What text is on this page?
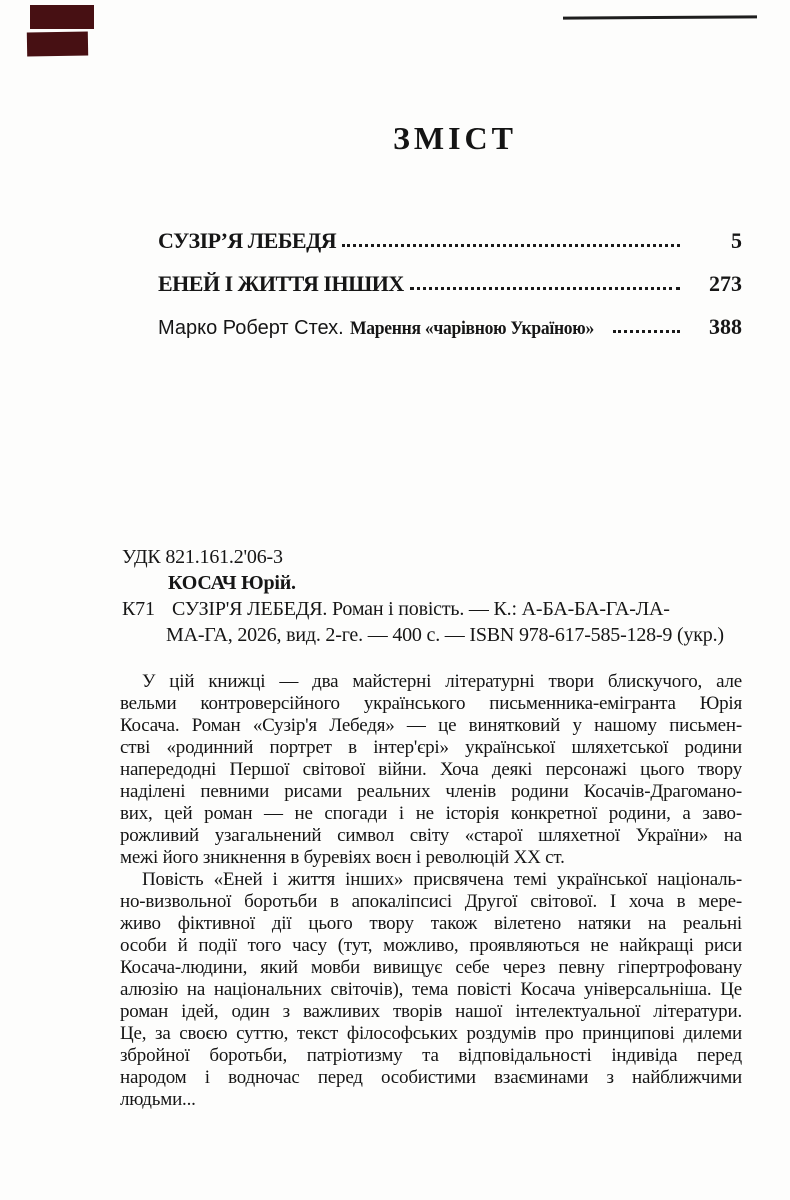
ЗМІСТ
СУЗІР’Я ЛЕБЕДЯ	5
ЕНЕЙ І ЖИТТЯ ІНШИХ	273
Марко Роберт Стех. Марення «чарівною Україною»	388
УДК 821.161.2'06-3
КОСАЧ Юрій.
К71 СУЗІР'Я ЛЕБЕДЯ. Роман і повість. — К.: А-БА-БА-ГА-ЛА-
МА-ГА, 2026, вид. 2-ге. — 400 с. — ISBN 978-617-585-128-9 (укр.)
У цій книжці — два майстерні літературні твори блискучого, але
вельми контроверсійного українського письменника-емігранта Юрія
Косача. Роман «Сузір'я Лебедя» — це винятковий у нашому письмен-
стві «родинний портрет в інтер'єрі» української шляхетської родини
напередодні Першої світової війни. Хоча деякі персонажі цього твору
наділені певними рисами реальних членів родини Косачів-Драгомано-
вих, цей роман — не спогади і не історія конкретної родини, а заво-
рожливий узагальнений символ світу «старої шляхетної України» на
межі його зникнення в буревіях воєн і революцій ХХ ст.
Повість «Еней і життя інших» присвячена темі української національ-
но-визвольної боротьби в апокаліпсисі Другої світової. І хоча в мере-
живо фіктивної дії цього твору також вілетено натяки на реальні
особи й події того часу (тут, можливо, проявляються не найкращі риси
Косача-людини, який мовби вивищує себе через певну гіпертрофовану
алюзію на національних світочів), тема повісті Косача універсальніша. Це
роман ідей, один з важливих творів нашої інтелектуальної літератури.
Це, за своєю суттю, текст філософських роздумів про принципові дилеми
збройної боротьби, патріотизму та відповідальності індивіда перед
народом і водночас перед особистими взаєминами з найближчими
людьми...
